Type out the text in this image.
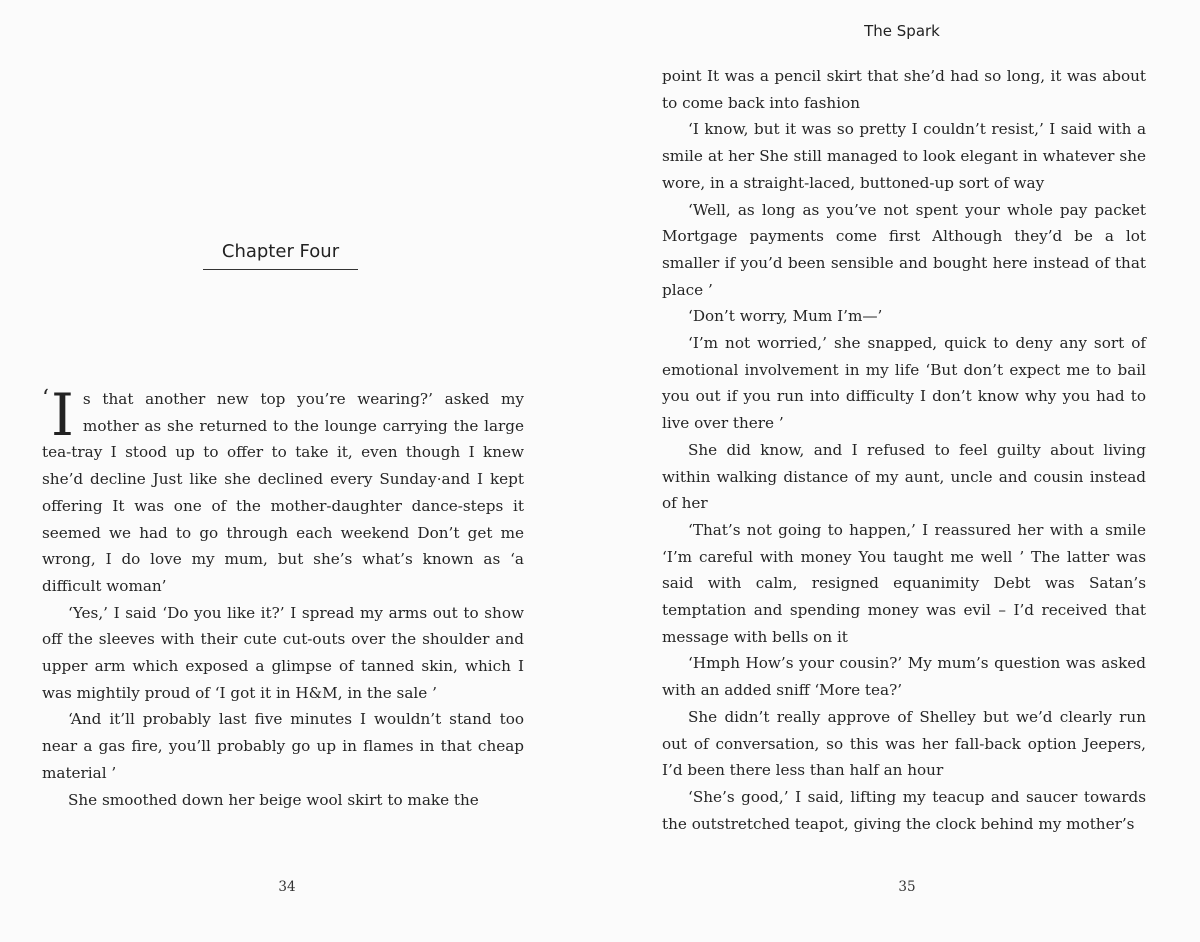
Chapter Four

‘ I s that another new top you’re wearing?’ asked my mother as she returned to the lounge carrying the large tea-tray I stood up to offer to take it, even though I knew she’d decline Just like she declined every Sunday·and I kept offering It was one of the mother-daughter dance-steps it seemed we had to go through each weekend Don’t get me wrong, I do love my mum, but she’s what’s known as ‘a difficult woman’

‘Yes,’ I said ‘Do you like it?’ I spread my arms out to show off the sleeves with their cute cut-outs over the shoulder and upper arm which exposed a glimpse of tanned skin, which I was mightily proud of ‘I got it in H&M, in the sale ’

‘And it’ll probably last five minutes I wouldn’t stand too near a gas fire, you’ll probably go up in flames in that cheap material ’

She smoothed down her beige wool skirt to make the

34
The Spark

point It was a pencil skirt that she’d had so long, it was about to come back into fashion

‘I know, but it was so pretty I couldn’t resist,’ I said with a smile at her She still managed to look elegant in whatever she wore, in a straight-laced, buttoned-up sort of way

‘Well, as long as you’ve not spent your whole pay packet Mortgage payments come first Although they’d be a lot smaller if you’d been sensible and bought here instead of that place ’

‘Don’t worry, Mum I’m—’

‘I’m not worried,’ she snapped, quick to deny any sort of emotional involvement in my life ‘But don’t expect me to bail you out if you run into difficulty I don’t know why you had to live over there ’

She did know, and I refused to feel guilty about living within walking distance of my aunt, uncle and cousin instead of her

‘That’s not going to happen,’ I reassured her with a smile ‘I’m careful with money You taught me well ’ The latter was said with calm, resigned equanimity Debt was Satan’s temptation and spending money was evil – I’d received that message with bells on it

‘Hmph How’s your cousin?’ My mum’s question was asked with an added sniff ‘More tea?’

She didn’t really approve of Shelley but we’d clearly run out of conversation, so this was her fall-back option Jeepers, I’d been there less than half an hour

‘She’s good,’ I said, lifting my teacup and saucer towards the outstretched teapot, giving the clock behind my mother’s

35
